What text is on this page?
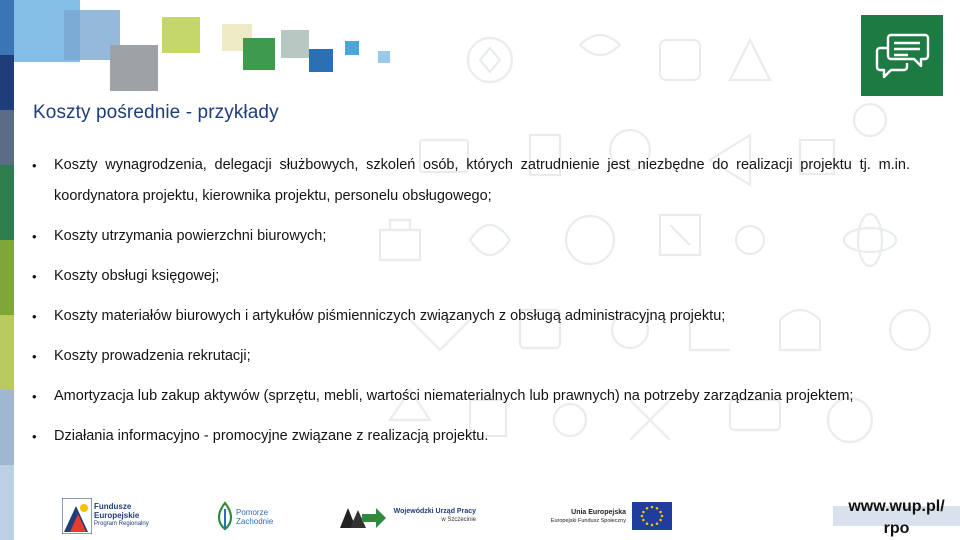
Koszty pośrednie - przykłady
• Koszty wynagrodzenia, delegacji służbowych, szkoleń osób, których zatrudnienie jest niezbędne do realizacji projektu tj. m.in. koordynatora projektu, kierownika projektu, personelu obsługowego;
• Koszty utrzymania powierzchni biurowych;
• Koszty obsługi księgowej;
• Koszty materiałów biurowych i artykułów piśmienniczych związanych z obsługą administracyjną projektu;
• Koszty prowadzenia rekrutacji;
• Amortyzacja lub zakup aktywów (sprzętu, mebli, wartości niematerialnych lub prawnych) na potrzeby zarządzania projektem;
• Działania informacyjno - promocyjne związane z realizacją projektu.
Fundusze
Europejskie
Program Regionalny
Pomorze
Zachodnie
Wojewódzki Urząd Pracy
w Szczecinie
Unia Europejska
Europejski Fundusz Społeczny
www.wup.pl/
rpo
